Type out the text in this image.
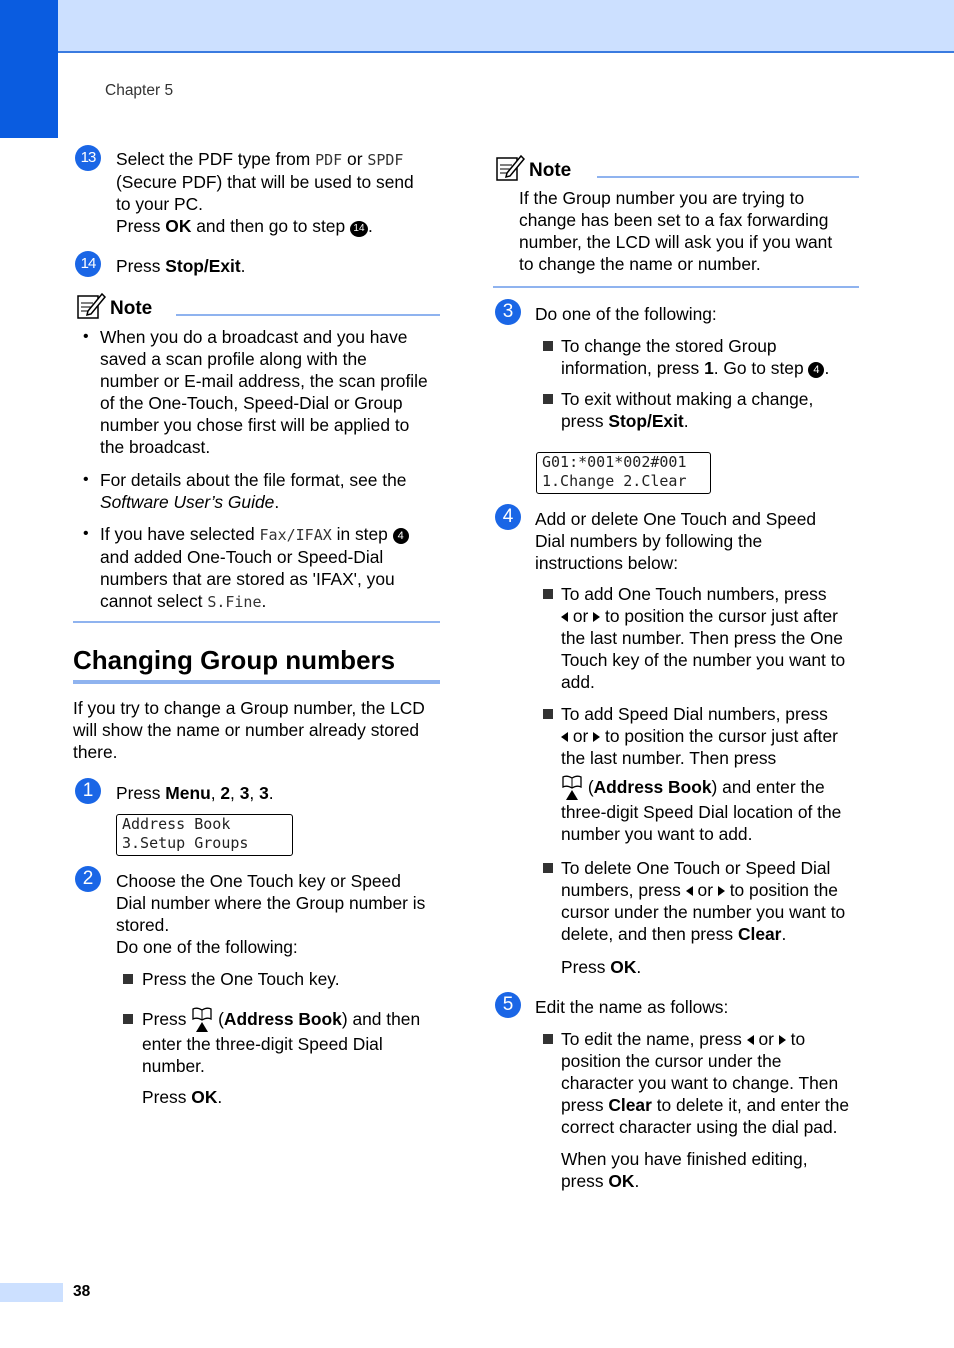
Chapter 5
13	Select the PDF type from PDF or SPDF
(Secure PDF) that will be used to send
to your PC.
Press OK and then go to step 14 .
14	Press Stop/Exit.
Note
• When you do a broadcast and you have
saved a scan profile along with the
number or E-mail address, the scan profile
of the One-Touch, Speed-Dial or Group
number you chose first will be applied to
the broadcast.
• For details about the file format, see the
Software User’s Guide.
• If you have selected Fax/IFAX in step 4
and added One-Touch or Speed-Dial
numbers that are stored as 'IFAX', you
cannot select S.Fine.
Changing Group numbers
If you try to change a Group number, the LCD
will show the name or number already stored
there.
1	Press Menu, 2, 3, 3.
Address Book
3.Setup Groups
2	Choose the One Touch key or Speed
Dial number where the Group number is
stored.
Do one of the following:
Press the One Touch key.
Press  (Address Book) and then
enter the three-digit Speed Dial
number.
Press OK.
Note
If the Group number you are trying to
change has been set to a fax forwarding
number, the LCD will ask you if you want
to change the name or number.
3	Do one of the following:
To change the stored Group
information, press 1. Go to step 4 .
To exit without making a change,
press Stop/Exit.
G01:*001*002#001
1.Change 2.Clear
4	Add or delete One Touch and Speed
Dial numbers by following the
instructions below:
To add One Touch numbers, press
or  to position the cursor just after
the last number. Then press the One
Touch key of the number you want to
add.
To add Speed Dial numbers, press
or  to position the cursor just after
the last number. Then press
(Address Book) and enter the
three-digit Speed Dial location of the
number you want to add.
To delete One Touch or Speed Dial
numbers, press  or  to position the
cursor under the number you want to
delete, and then press Clear.
Press OK.
5	Edit the name as follows:
To edit the name, press  or  to
position the cursor under the
character you want to change. Then
press Clear to delete it, and enter the
correct character using the dial pad.
When you have finished editing,
press OK.
38
